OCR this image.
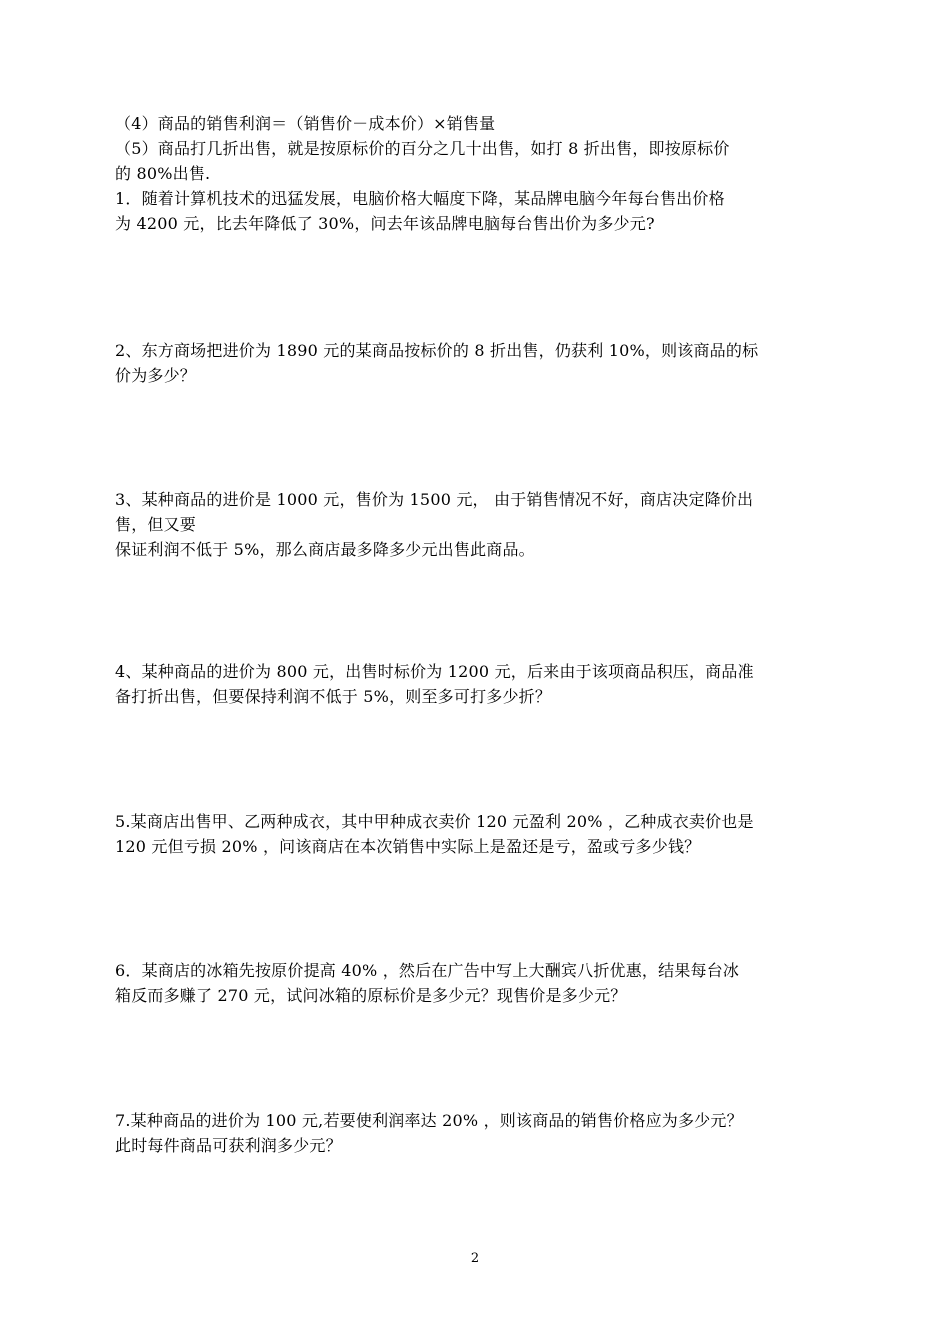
（4）商品的销售利润＝（销售价－成本价）×销售量
（5）商品打几折出售，就是按原标价的百分之几十出售，如打 8 折出售，即按原标价
的 80%出售.
1．随着计算机技术的迅猛发展，电脑价格大幅度下降，某品牌电脑今年每台售出价格
为 4200 元，比去年降低了 30%，问去年该品牌电脑每台售出价为多少元?
2、东方商场把进价为 1890 元的某商品按标价的 8 折出售，仍获利 10%，则该商品的标
价为多少？
3、某种商品的进价是 1000 元，售价为 1500 元， 由于销售情况不好，商店决定降价出
售，但又要
保证利润不低于 5%，那么商店最多降多少元出售此商品。
4、某种商品的进价为 800 元，出售时标价为 1200 元，后来由于该项商品积压，商品准
备打折出售，但要保持利润不低于 5%，则至多可打多少折？
5.某商店出售甲、乙两种成衣，其中甲种成衣卖价 120 元盈利 20% ，乙种成衣卖价也是
120 元但亏损 20% ，问该商店在本次销售中实际上是盈还是亏，盈或亏多少钱？
6．某商店的冰箱先按原价提高 40% ，然后在广告中写上大酬宾八折优惠，结果每台冰
箱反而多赚了 270 元，试问冰箱的原标价是多少元？现售价是多少元？
7.某种商品的进价为 100 元,若要使利润率达 20% ，则该商品的销售价格应为多少元？
此时每件商品可获利润多少元？
2
